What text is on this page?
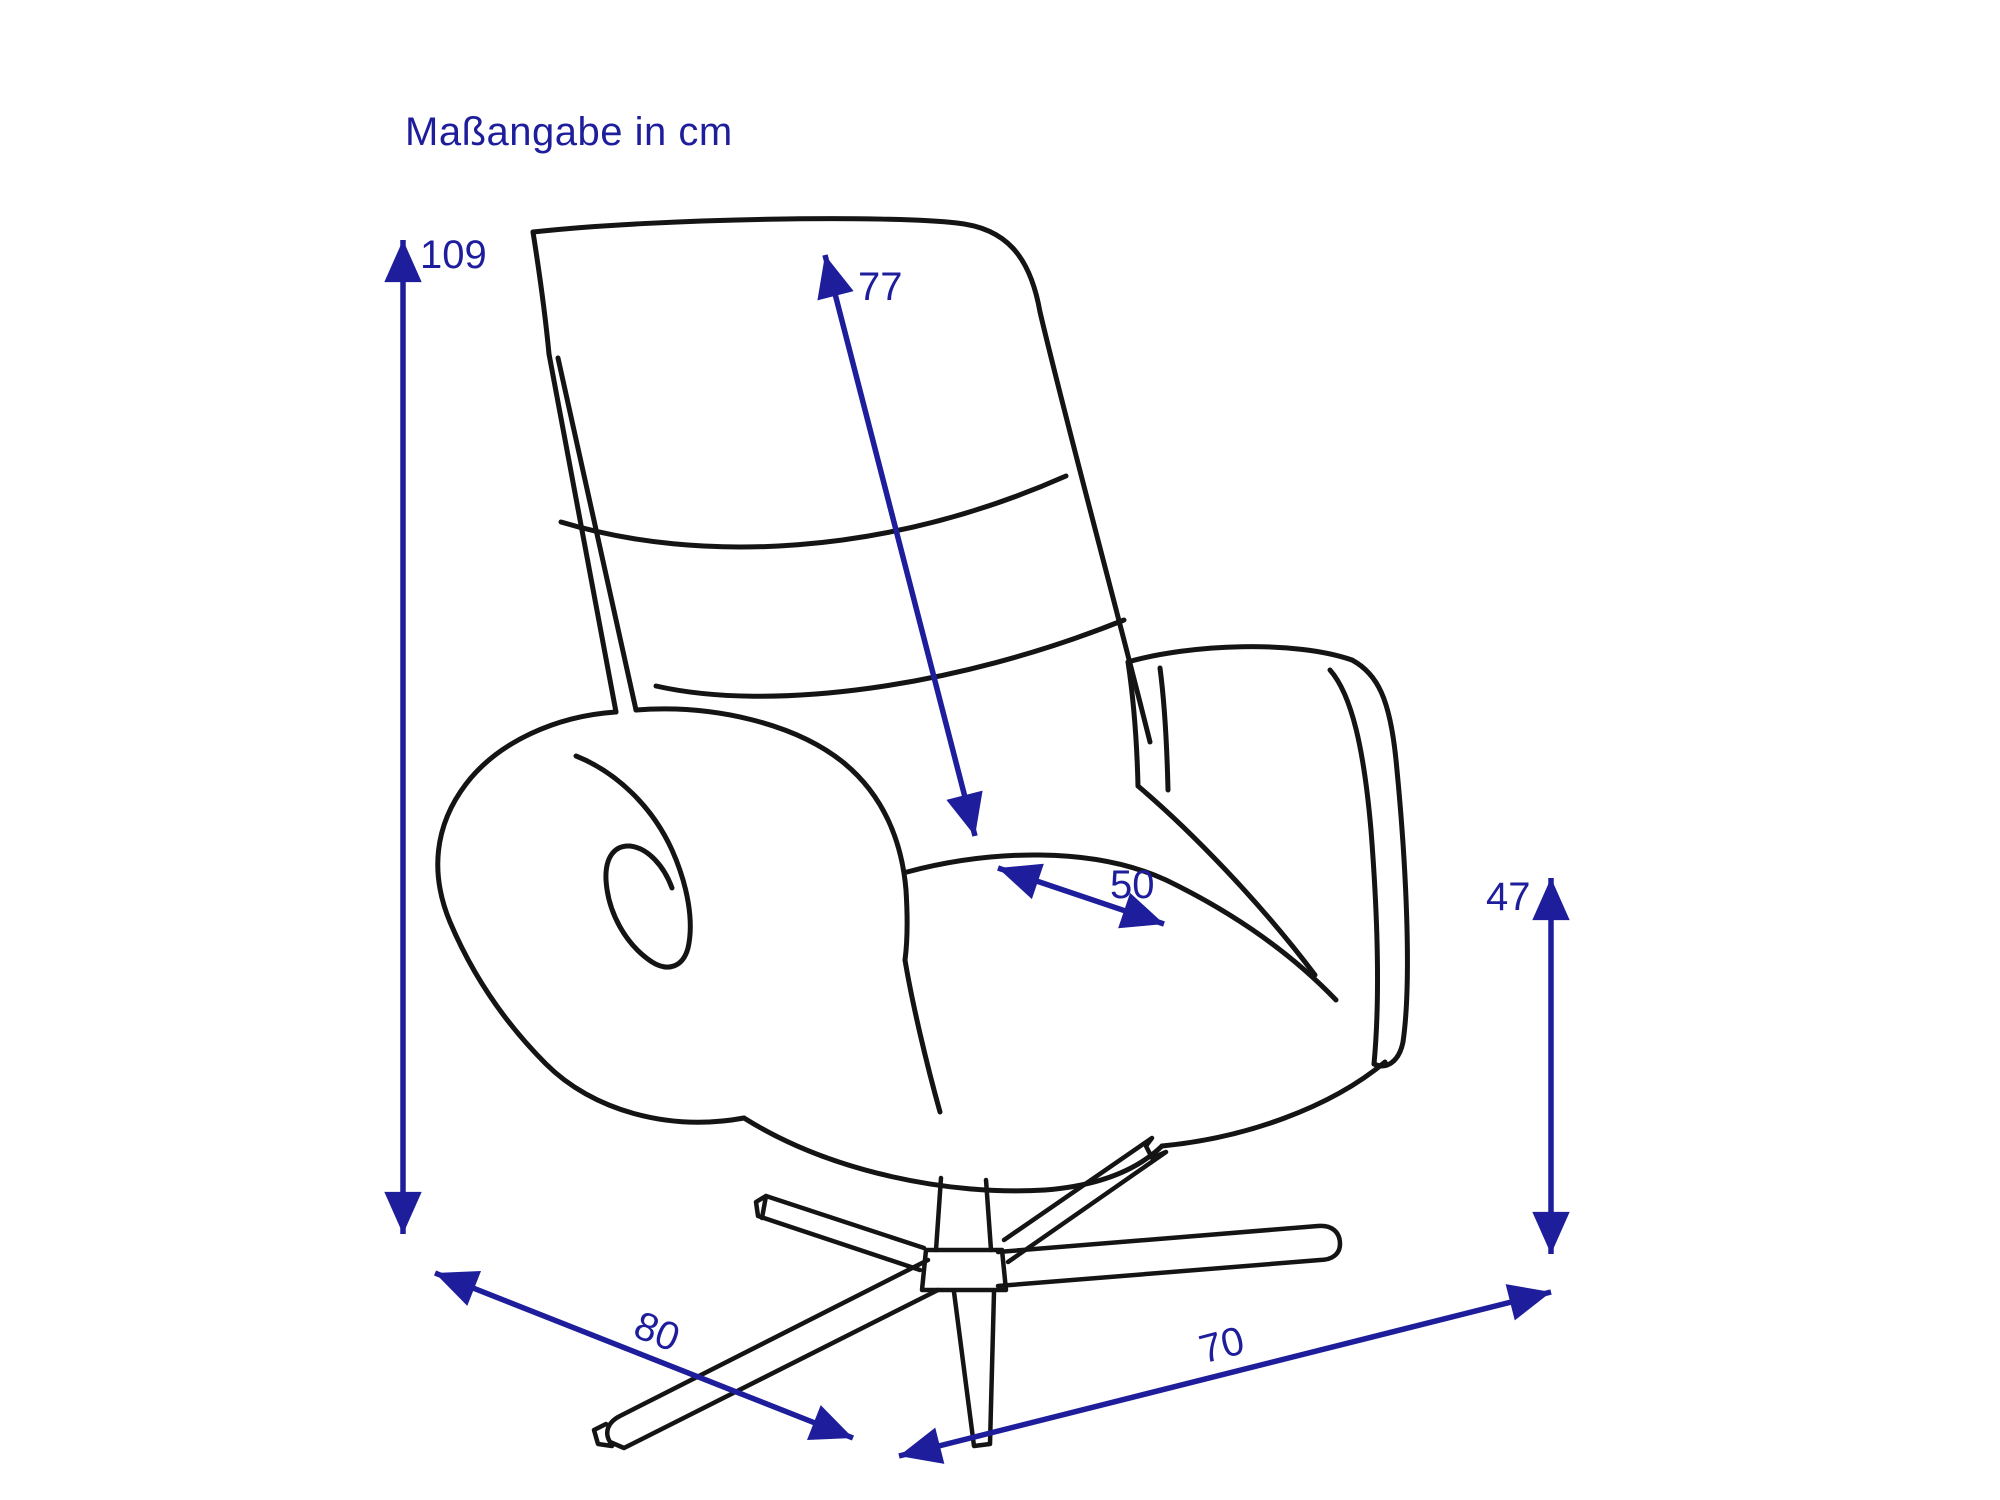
109
77
50	47
80	70
Maßangabe in cm
